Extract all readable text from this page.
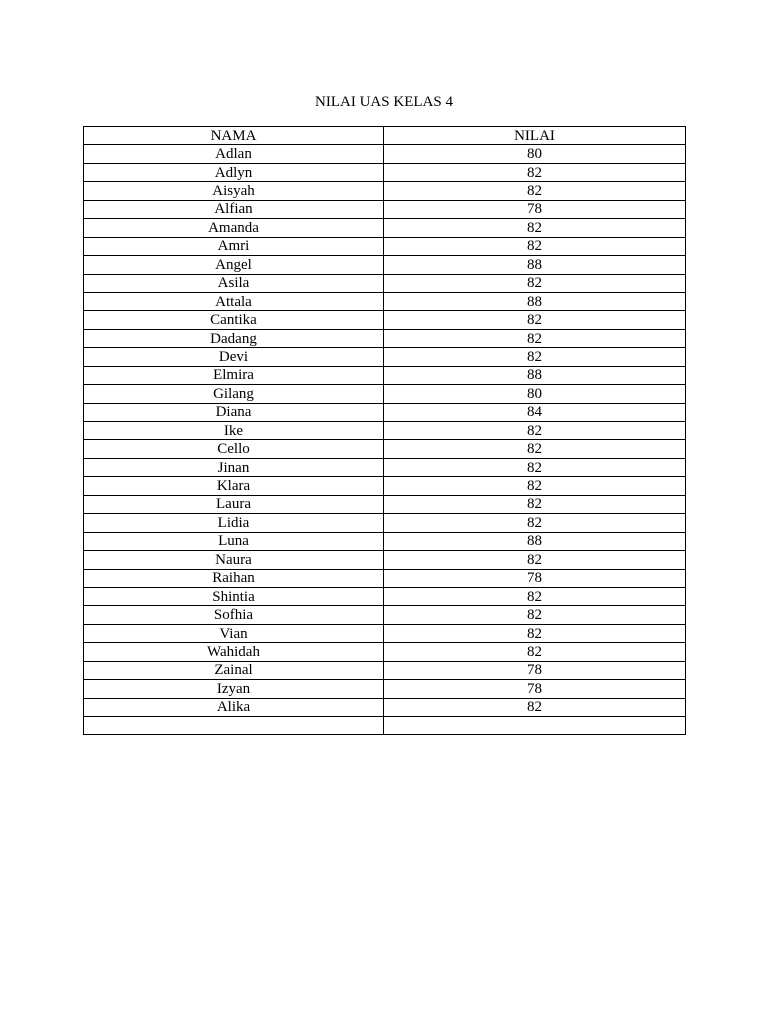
NILAI UAS KELAS 4
NAMA	NILAI
Adlan	80
Adlyn	82
Aisyah	82
Alfian	78
Amanda	82
Amri	82
Angel	88
Asila	82
Attala	88
Cantika	82
Dadang	82
Devi	82
Elmira	88
Gilang	80
Diana	84
Ike	82
Cello	82
Jinan	82
Klara	82
Laura	82
Lidia	82
Luna	88
Naura	82
Raihan	78
Shintia	82
Sofhia	82
Vian	82
Wahidah	82
Zainal	78
Izyan	78
Alika	82
